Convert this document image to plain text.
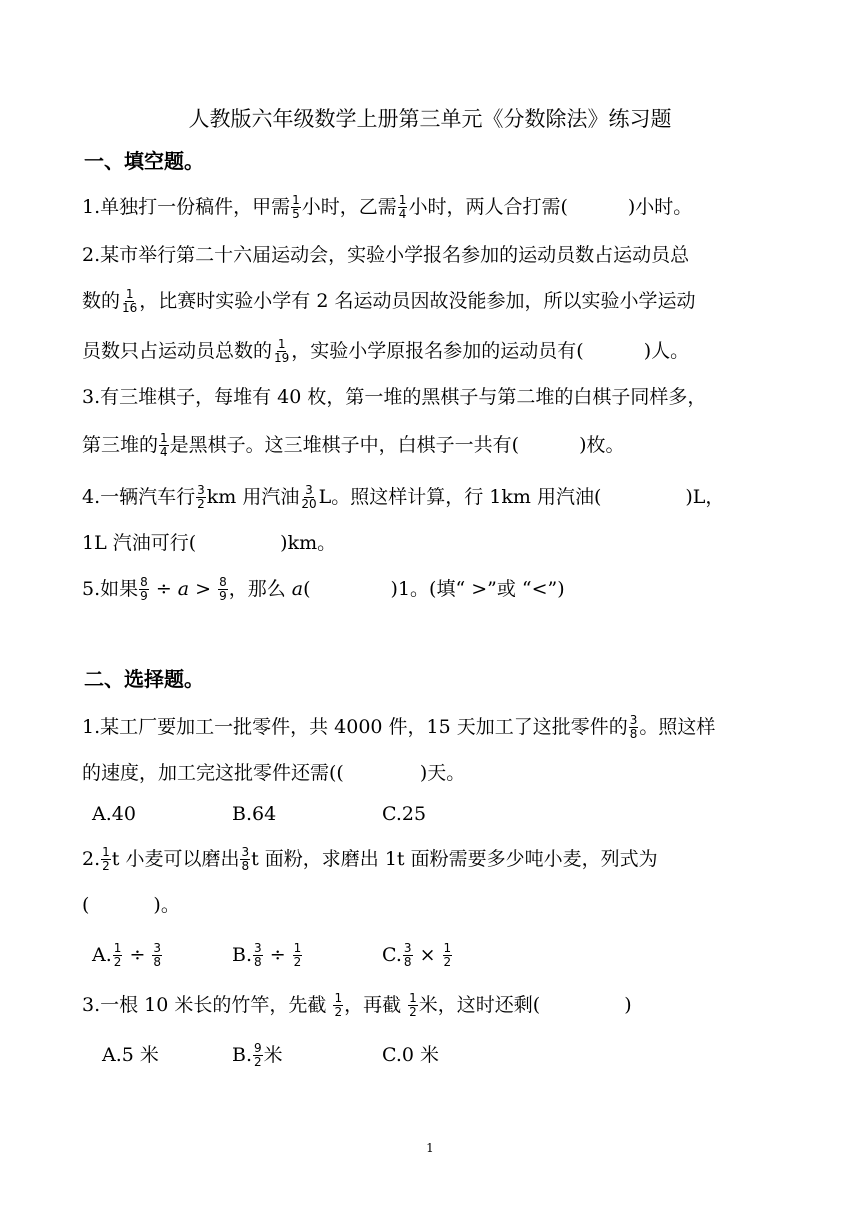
人教版六年级数学上册第三单元《分数除法》练习题
一、填空题。
1.单独打一份稿件，甲需 $\frac{1}{5}$ 小时，乙需 $\frac{1}{4}$ 小时，两人合打需(	)小时。
2.某市举行第二十六届运动会，实验小学报名参加的运动员数占运动员总
数的 $\frac{1}{16}$ ，比赛时实验小学有 2 名运动员因故没能参加，所以实验小学运动
员数只占运动员总数的 $\frac{1}{19}$ ，实验小学原报名参加的运动员有(	)人。
3.有三堆棋子，每堆有 40 枚，第一堆的黑棋子与第二堆的白棋子同样多，
第三堆的 $\frac{1}{4}$ 是黑棋子。这三堆棋子中，白棋子一共有(	)枚。
4.一辆汽车行 $\frac{3}{2}$ km 用汽油 $\frac{3}{20}$ L。照这样计算，行 1km 用汽油(	)L，
1L 汽油可行(	)km。
5.如果 $\frac{8}{9} \div a > \frac{8}{9}$ ，那么 a(	)1。(填“ >”或 “<”)
二、选择题。
1.某工厂要加工一批零件，共 4000 件，15 天加工了这批零件的 $\frac{3}{8}$ 。照这样
的速度，加工完这批零件还需((	)天。
A.40	B.64	C.25
2. $\frac{1}{2}$ t 小麦可以磨出 $\frac{3}{8}$ t 面粉，求磨出 1t 面粉需要多少吨小麦，列式为
(	)。
A. $\frac{1}{2} \div \frac{3}{8}$	B. $\frac{3}{8} \div \frac{1}{2}$	C. $\frac{3}{8} \times \frac{1}{2}$
3.一根 10 米长的竹竿，先截 $\frac{1}{2}$ ，再截 $\frac{1}{2}$ 米，这时还剩(	)
A.5 米	B. $\frac{9}{2}$ 米	C.0 米
1
